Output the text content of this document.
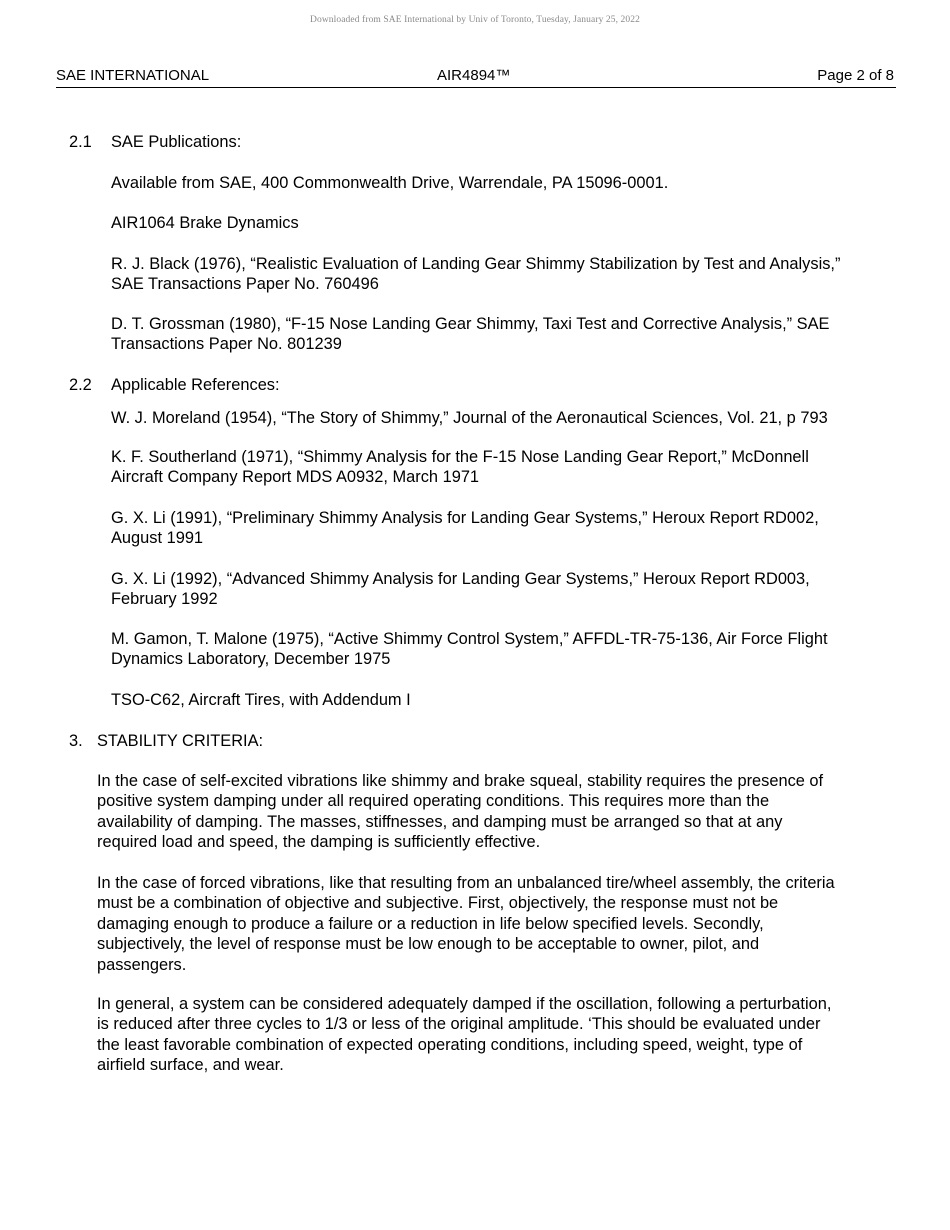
Downloaded from SAE International by Univ of Toronto, Tuesday, January 25, 2022
SAE INTERNATIONAL	AIR4894™	Page 2 of 8
2.1 SAE Publications:
Available from SAE, 400 Commonwealth Drive, Warrendale, PA 15096-0001.
AIR1064 Brake Dynamics
R. J. Black (1976), “Realistic Evaluation of Landing Gear Shimmy Stabilization by Test and Analysis,”
SAE Transactions Paper No. 760496
D. T. Grossman (1980), “F-15 Nose Landing Gear Shimmy, Taxi Test and Corrective Analysis,” SAE
Transactions Paper No. 801239
2.2 Applicable References:
W. J. Moreland (1954), “The Story of Shimmy,” Journal of the Aeronautical Sciences, Vol. 21, p 793
K. F. Southerland (1971), “Shimmy Analysis for the F-15 Nose Landing Gear Report,” McDonnell
Aircraft Company Report MDS A0932, March 1971
G. X. Li (1991), “Preliminary Shimmy Analysis for Landing Gear Systems,” Heroux Report RD002,
August 1991
G. X. Li (1992), “Advanced Shimmy Analysis for Landing Gear Systems,” Heroux Report RD003,
February 1992
M. Gamon, T. Malone (1975), “Active Shimmy Control System,” AFFDL-TR-75-136, Air Force Flight
Dynamics Laboratory, December 1975
TSO-C62, Aircraft Tires, with Addendum I
3. STABILITY CRITERIA:
In the case of self-excited vibrations like shimmy and brake squeal, stability requires the presence of
positive system damping under all required operating conditions. This requires more than the
availability of damping. The masses, stiffnesses, and damping must be arranged so that at any
required load and speed, the damping is sufficiently effective.
In the case of forced vibrations, like that resulting from an unbalanced tire/wheel assembly, the criteria
must be a combination of objective and subjective. First, objectively, the response must not be
damaging enough to produce a failure or a reduction in life below specified levels. Secondly,
subjectively, the level of response must be low enough to be acceptable to owner, pilot, and
passengers.
In general, a system can be considered adequately damped if the oscillation, following a perturbation,
is reduced after three cycles to 1/3 or less of the original amplitude. ‘This should be evaluated under
the least favorable combination of expected operating conditions, including speed, weight, type of
airfield surface, and wear.
